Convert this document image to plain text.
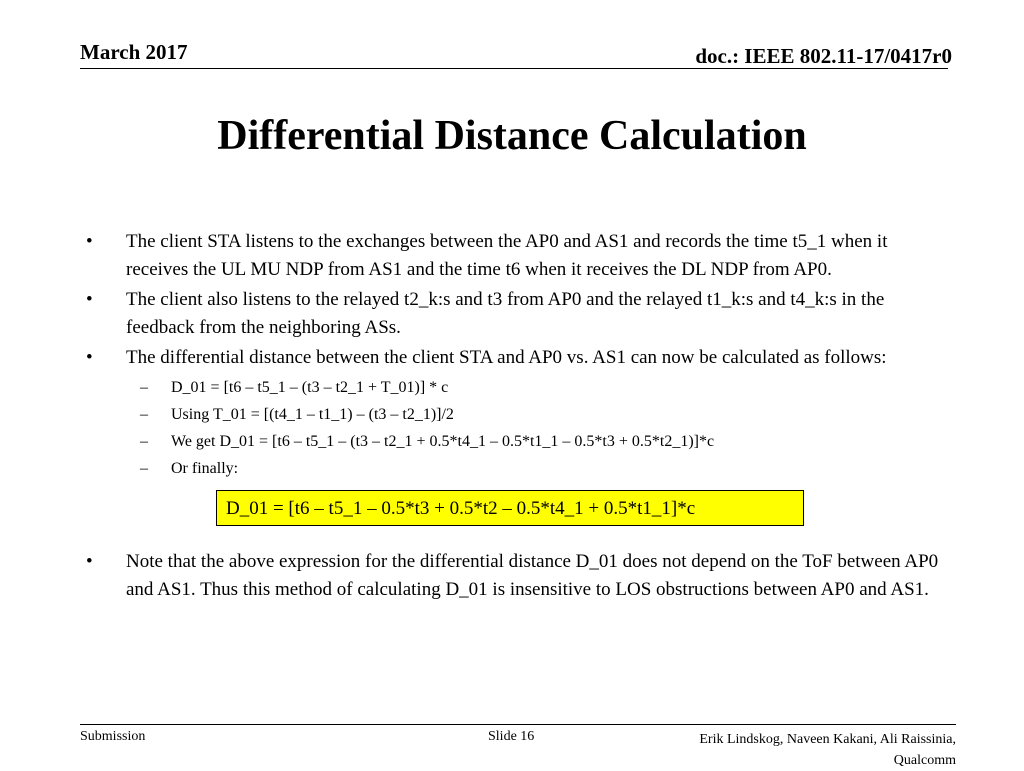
March 2017	doc.: IEEE 802.11-17/0417r0
Differential Distance Calculation
• The client STA listens to the exchanges between the AP0 and AS1 and records the time t5_1 when it receives the UL MU NDP from AS1 and the time t6 when it receives the DL NDP from AP0.
• The client also listens to the relayed t2_k:s and t3 from AP0 and the relayed t1_k:s and t4_k:s in the feedback from the neighboring ASs.
• The differential distance between the client STA and AP0 vs. AS1 can now be calculated as follows:
– D_01 = [t6 – t5_1 – (t3 – t2_1 + T_01)] * c
– Using T_01 = [(t4_1 – t1_1) – (t3 – t2_1)]/2
– We get D_01 = [t6 – t5_1 – (t3 – t2_1 + 0.5*t4_1 – 0.5*t1_1 – 0.5*t3 + 0.5*t2_1)]*c
– Or finally:
D_01 = [t6 – t5_1 – 0.5*t3 + 0.5*t2 – 0.5*t4_1 + 0.5*t1_1]*c
• Note that the above expression for the differential distance D_01 does not depend on the ToF between AP0 and AS1. Thus this method of calculating D_01 is insensitive to LOS obstructions between AP0 and AS1.
Submission	Slide 16	Erik Lindskog, Naveen Kakani, Ali Raissinia,
Qualcomm
